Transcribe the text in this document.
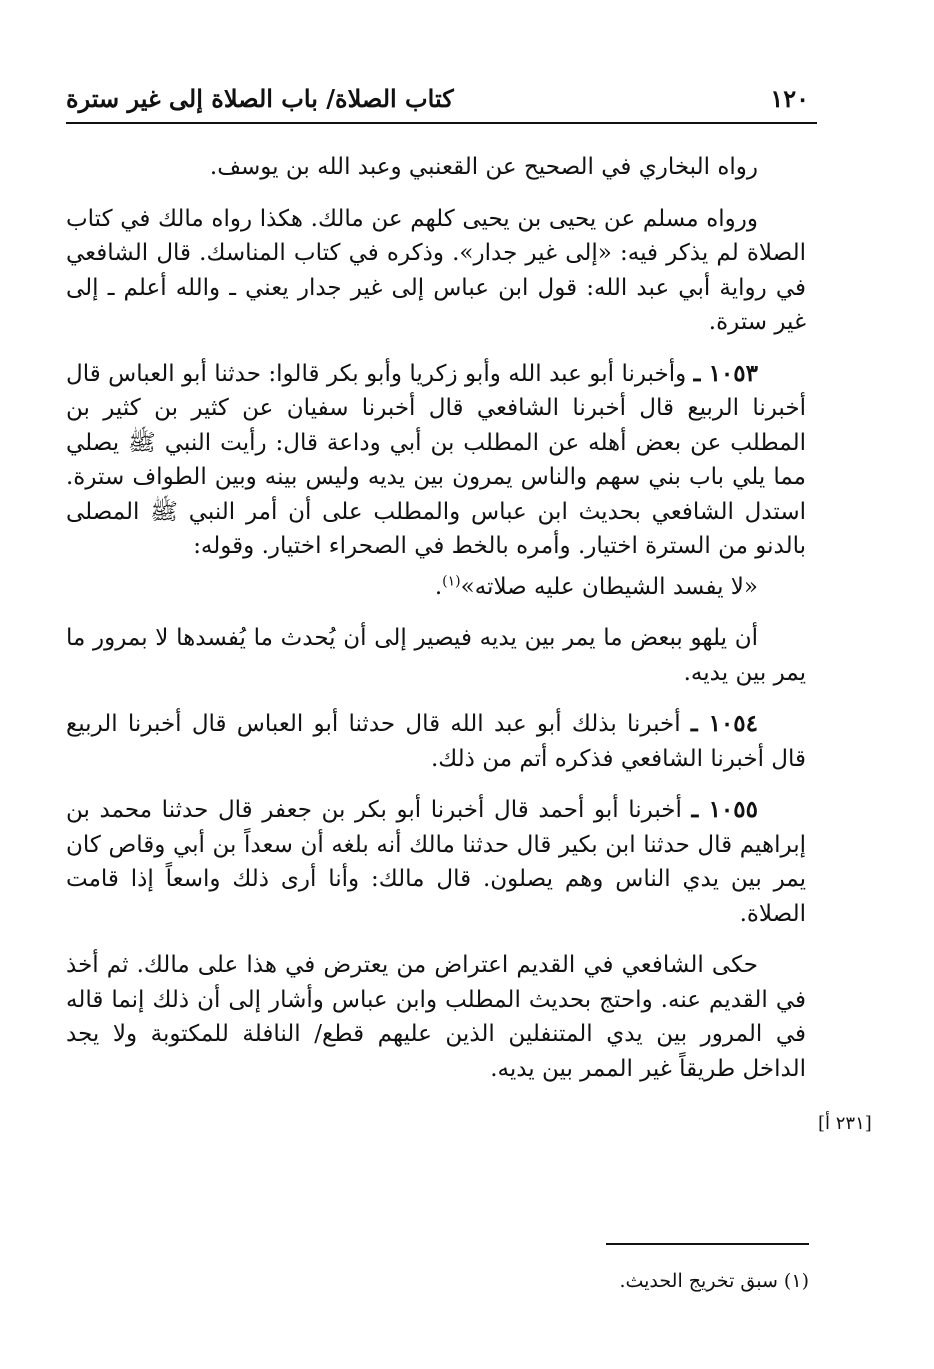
١٢٠
كتاب الصلاة/ باب الصلاة إلى غير سترة

رواه البخاري في الصحيح عن القعنبي وعبد الله بن يوسف.

ورواه مسلم عن يحيى بن يحيى كلهم عن مالك. هكذا رواه مالك في كتاب الصلاة لم يذكر فيه: «إلى غير جدار». وذكره في كتاب المناسك. قال الشافعي في رواية أبي عبد الله: قول ابن عباس إلى غير جدار يعني ـ والله أعلم ـ إلى غير سترة.

١٠٥٣ ـ وأخبرنا أبو عبد الله وأبو زكريا وأبو بكر قالوا: حدثنا أبو العباس قال أخبرنا الربيع قال أخبرنا الشافعي قال أخبرنا سفيان عن كثير بن كثير بن المطلب عن بعض أهله عن المطلب بن أبي وداعة قال: رأيت النبي ﷺ يصلي مما يلي باب بني سهم والناس يمرون بين يديه وليس بينه وبين الطواف سترة. استدل الشافعي بحديث ابن عباس والمطلب على أن أمر النبي ﷺ المصلى بالدنو من السترة اختيار. وأمره بالخط في الصحراء اختيار. وقوله:

«لا يفسد الشيطان عليه صلاته»$^{(١)}$.

أن يلهو ببعض ما يمر بين يديه فيصير إلى أن يُحدث ما يُفسدها لا بمرور ما يمر بين يديه.

١٠٥٤ ـ أخبرنا بذلك أبو عبد الله قال حدثنا أبو العباس قال أخبرنا الربيع قال أخبرنا الشافعي فذكره أتم من ذلك.

١٠٥٥ ـ أخبرنا أبو أحمد قال أخبرنا أبو بكر بن جعفر قال حدثنا محمد بن إبراهيم قال حدثنا ابن بكير قال حدثنا مالك أنه بلغه أن سعداً بن أبي وقاص كان يمر بين يدي الناس وهم يصلون. قال مالك: وأنا أرى ذلك واسعاً إذا قامت الصلاة.

حكى الشافعي في القديم اعتراض من يعترض في هذا على مالك. ثم أخذ في القديم عنه. واحتج بحديث المطلب وابن عباس وأشار إلى أن ذلك إنما قاله في المرور بين يدي المتنفلين الذين عليهم قطع/ النافلة للمكتوبة ولا يجد الداخل طريقاً غير الممر بين يديه.

[٢٣١ أ]
(١) سبق تخريج الحديث.
